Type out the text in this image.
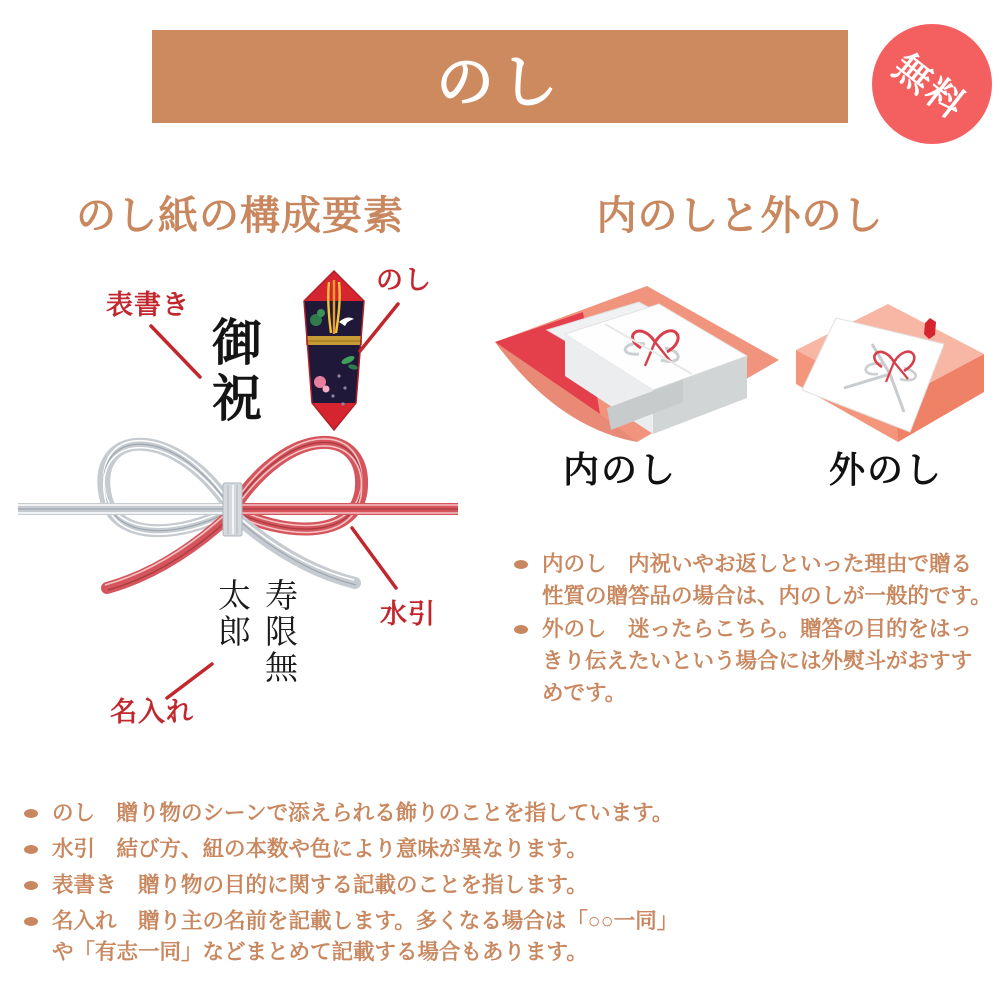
のし	無料
のし紙の構成要素	内のしと外のし
表書き
御祝
のし
水引
寿限無　太郎
名入れ
内のし	外のし
内のし　内祝いやお返しといった理由で贈る性質の贈答品の場合は、内のしが一般的です。
外のし　迷ったらこちら。贈答の目的をはっきり伝えたいという場合には外熨斗がおすすめです。
のし　贈り物のシーンで添えられる飾りのことを指しています。
水引　結び方、紐の本数や色により意味が異なります。
表書き　贈り物の目的に関する記載のことを指します。
名入れ　贈り主の名前を記載します。多くなる場合は「○○一同」や「有志一同」などまとめて記載する場合もあります。
